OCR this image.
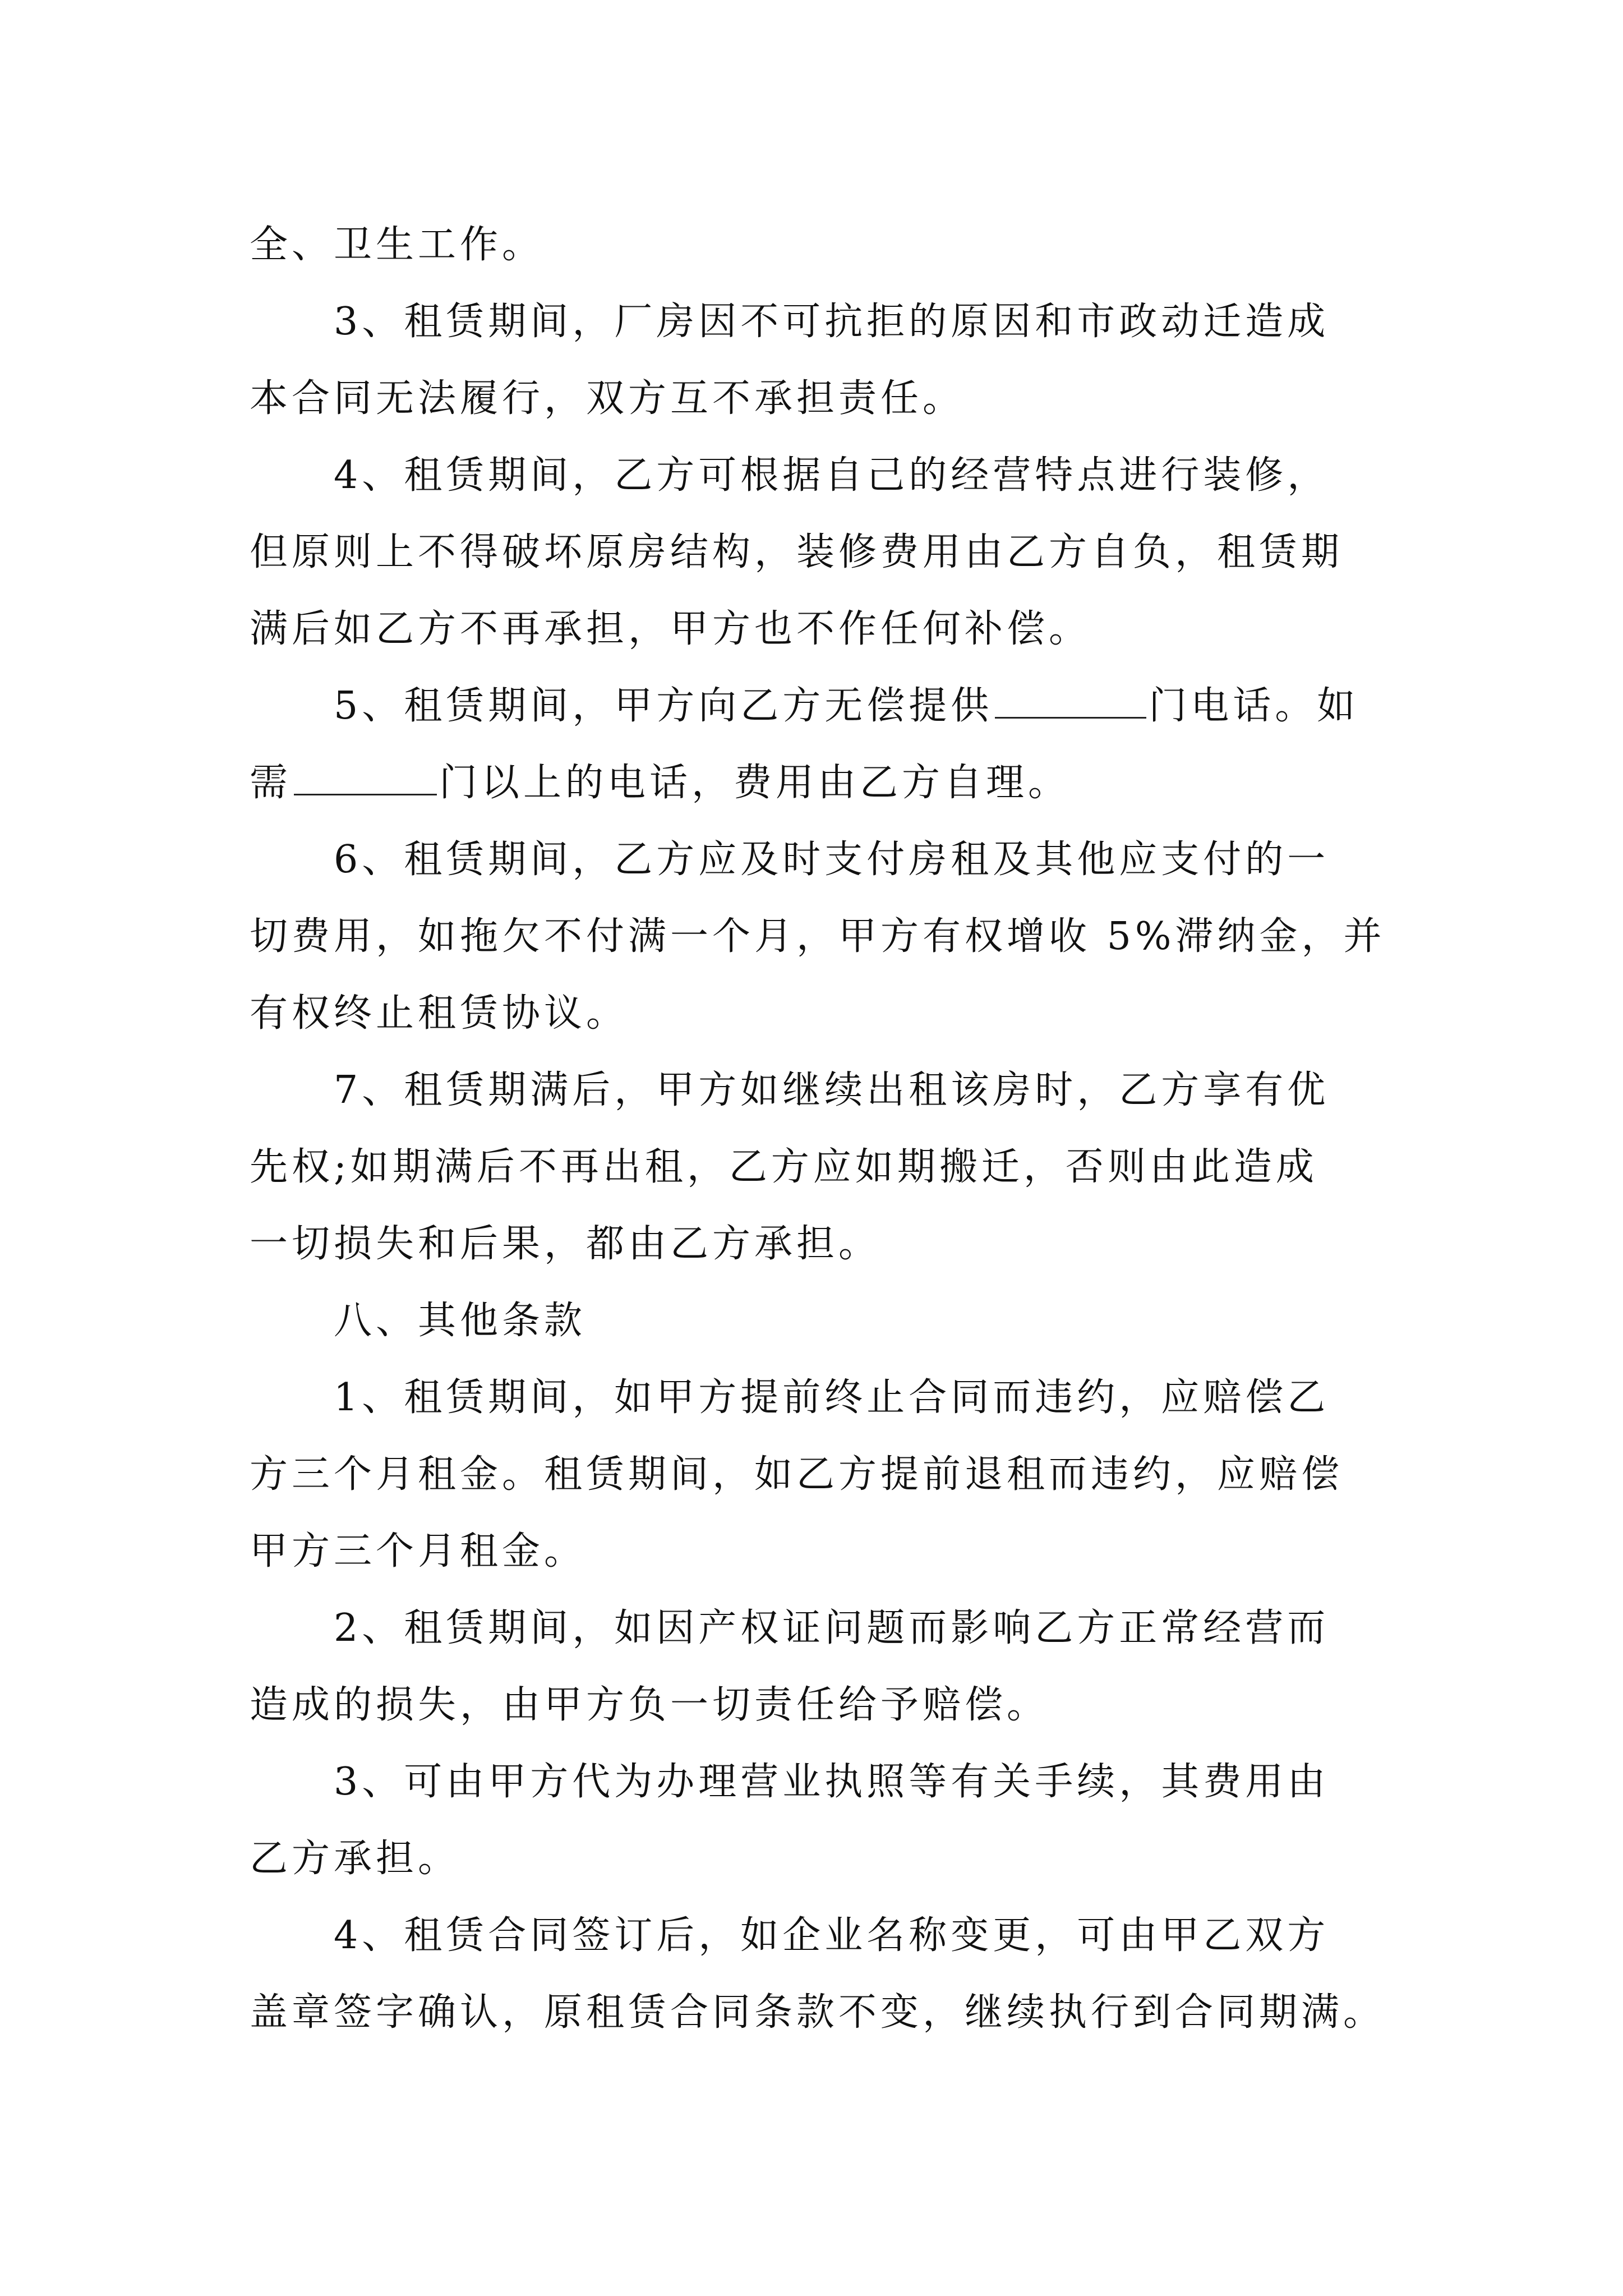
全、卫生工作。
3、租赁期间，厂房因不可抗拒的原因和市政动迁造成
本合同无法履行，双方互不承担责任。
4、租赁期间，乙方可根据自己的经营特点进行装修，
但原则上不得破坏原房结构，装修费用由乙方自负，租赁期
满后如乙方不再承担，甲方也不作任何补偿。
5、租赁期间，甲方向乙方无偿提供	门电话。如
需	门以上的电话，费用由乙方自理。
6、租赁期间，乙方应及时支付房租及其他应支付的一
切费用，如拖欠不付满一个月，甲方有权增收 5%滞纳金，并
有权终止租赁协议。
7、租赁期满后，甲方如继续出租该房时，乙方享有优
先权;如期满后不再出租，乙方应如期搬迁，否则由此造成
一切损失和后果，都由乙方承担。
八、其他条款
1、租赁期间，如甲方提前终止合同而违约，应赔偿乙
方三个月租金。租赁期间，如乙方提前退租而违约，应赔偿
甲方三个月租金。
2、租赁期间，如因产权证问题而影响乙方正常经营而
造成的损失，由甲方负一切责任给予赔偿。
3、可由甲方代为办理营业执照等有关手续，其费用由
乙方承担。
4、租赁合同签订后，如企业名称变更，可由甲乙双方
盖章签字确认，原租赁合同条款不变，继续执行到合同期满。
